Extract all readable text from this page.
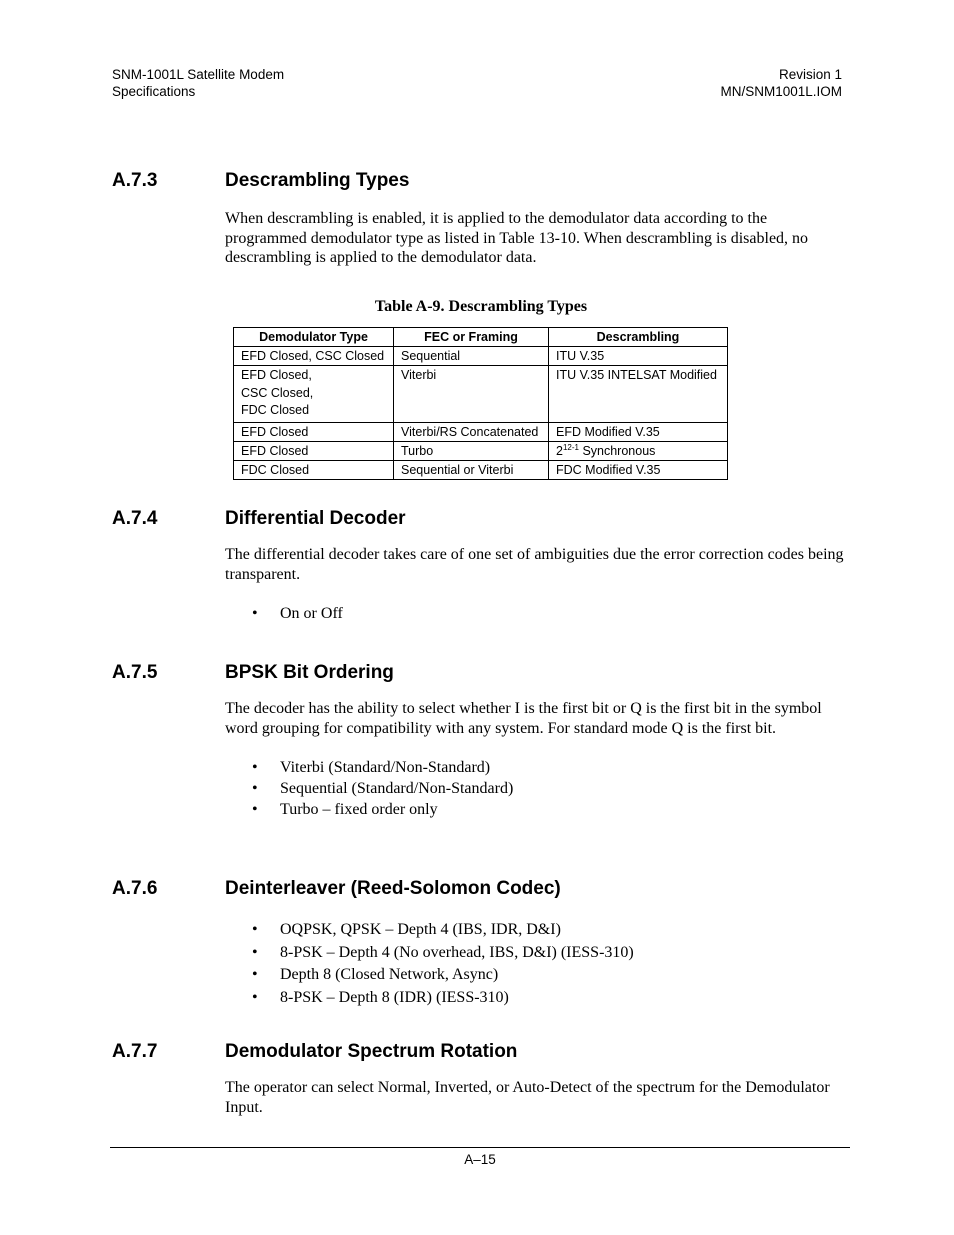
SNM-1001L Satellite Modem
Specifications
Revision 1
MN/SNM1001L.IOM
A.7.3	Descrambling Types
When descrambling is enabled, it is applied to the demodulator data according to the programmed demodulator type as listed in Table 13-10. When descrambling is disabled, no descrambling is applied to the demodulator data.
Table A-9. Descrambling Types
Demodulator Type	FEC or Framing	Descrambling
EFD Closed, CSC Closed	Sequential	ITU V.35

EFD Closed,
CSC Closed,
FDC Closed	Viterbi	ITU V.35 INTELSAT Modified
EFD Closed	Viterbi/RS Concatenated	EFD Modified V.35
EFD Closed	Turbo	2$^{12-1}$ Synchronous
FDC Closed	Sequential or Viterbi	FDC Modified V.35
A.7.4	Differential Decoder
The differential decoder takes care of one set of ambiguities due the error correction codes being transparent.
• On or Off
A.7.5	BPSK Bit Ordering
The decoder has the ability to select whether I is the first bit or Q is the first bit in the symbol word grouping for compatibility with any system. For standard mode Q is the first bit.
• Viterbi (Standard/Non-Standard)
• Sequential (Standard/Non-Standard)
• Turbo – fixed order only
A.7.6	Deinterleaver (Reed-Solomon Codec)
• OQPSK, QPSK – Depth 4 (IBS, IDR, D&I)
• 8-PSK – Depth 4 (No overhead, IBS, D&I) (IESS-310)
• Depth 8 (Closed Network, Async)
• 8-PSK – Depth 8 (IDR) (IESS-310)
A.7.7	Demodulator Spectrum Rotation
The operator can select Normal, Inverted, or Auto-Detect of the spectrum for the Demodulator Input.
A–15
